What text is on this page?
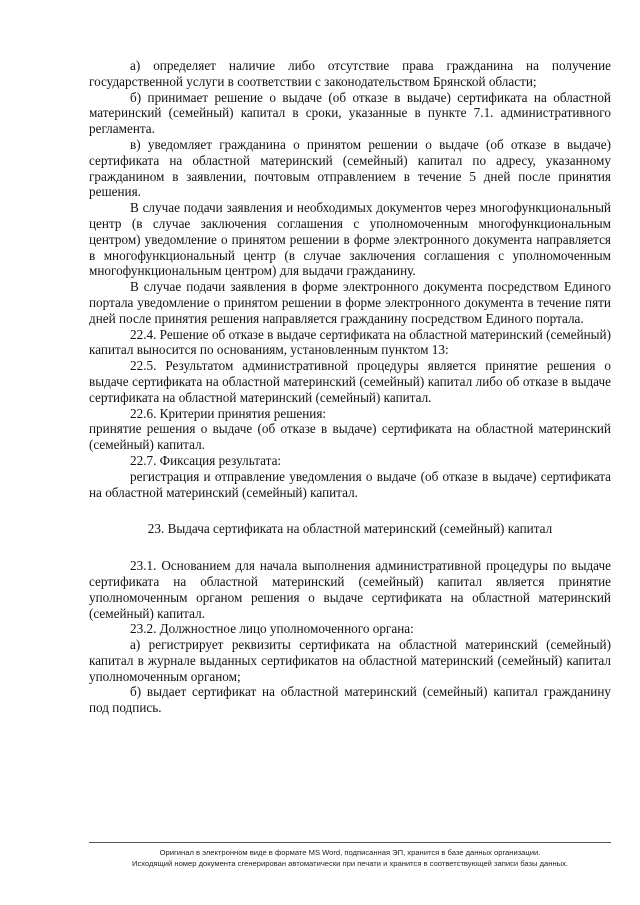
а) определяет наличие либо отсутствие права гражданина на получение государственной услуги в соответствии с законодательством Брянской области;

б) принимает решение о выдаче (об отказе в выдаче) сертификата на областной материнский (семейный) капитал в сроки, указанные в пункте 7.1. административного регламента.

в) уведомляет гражданина о принятом решении о выдаче (об отказе в выдаче) сертификата на областной материнский (семейный) капитал по адресу, указанному гражданином в заявлении, почтовым отправлением в течение 5 дней после принятия решения.

В случае подачи заявления и необходимых документов через многофункциональный центр (в случае заключения соглашения с уполномоченным многофункциональным центром) уведомление о принятом решении в форме электронного документа направляется в многофункциональный центр (в случае заключения соглашения с уполномоченным многофункциональным центром) для выдачи гражданину.

В случае подачи заявления в форме электронного документа посредством Единого портала уведомление о принятом решении в форме электронного документа в течение пяти дней после принятия решения направляется гражданину посредством Единого портала.

22.4. Решение об отказе в выдаче сертификата на областной материнский (семейный) капитал выносится по основаниям, установленным пунктом 13:

22.5. Результатом административной процедуры является принятие решения о выдаче сертификата на областной материнский (семейный) капитал либо об отказе в выдаче сертификата на областной материнский (семейный) капитал.

22.6. Критерии принятия решения:

принятие решения о выдаче (об отказе в выдаче) сертификата на областной материнский (семейный) капитал.

22.7. Фиксация результата:

регистрация и отправление уведомления о выдаче (об отказе в выдаче) сертификата на областной материнский (семейный) капитал.

23. Выдача сертификата на областной материнский (семейный) капитал

23.1. Основанием для начала выполнения административной процедуры по выдаче сертификата на областной материнский (семейный) капитал является принятие уполномоченным органом решения о выдаче сертификата на областной материнский (семейный) капитал.

23.2. Должностное лицо уполномоченного органа:

а) регистрирует реквизиты сертификата на областной материнский (семейный) капитал в журнале выданных сертификатов на областной материнский (семейный) капитал уполномоченным органом;

б) выдает сертификат на областной материнский (семейный) капитал гражданину под подпись.

Оригинал в электронном виде в формате MS Word, подписанная ЭП, хранится в базе данных организации.
Исходящий номер документа сгенерирован автоматически при печати и хранится в соответствующей записи базы данных.
